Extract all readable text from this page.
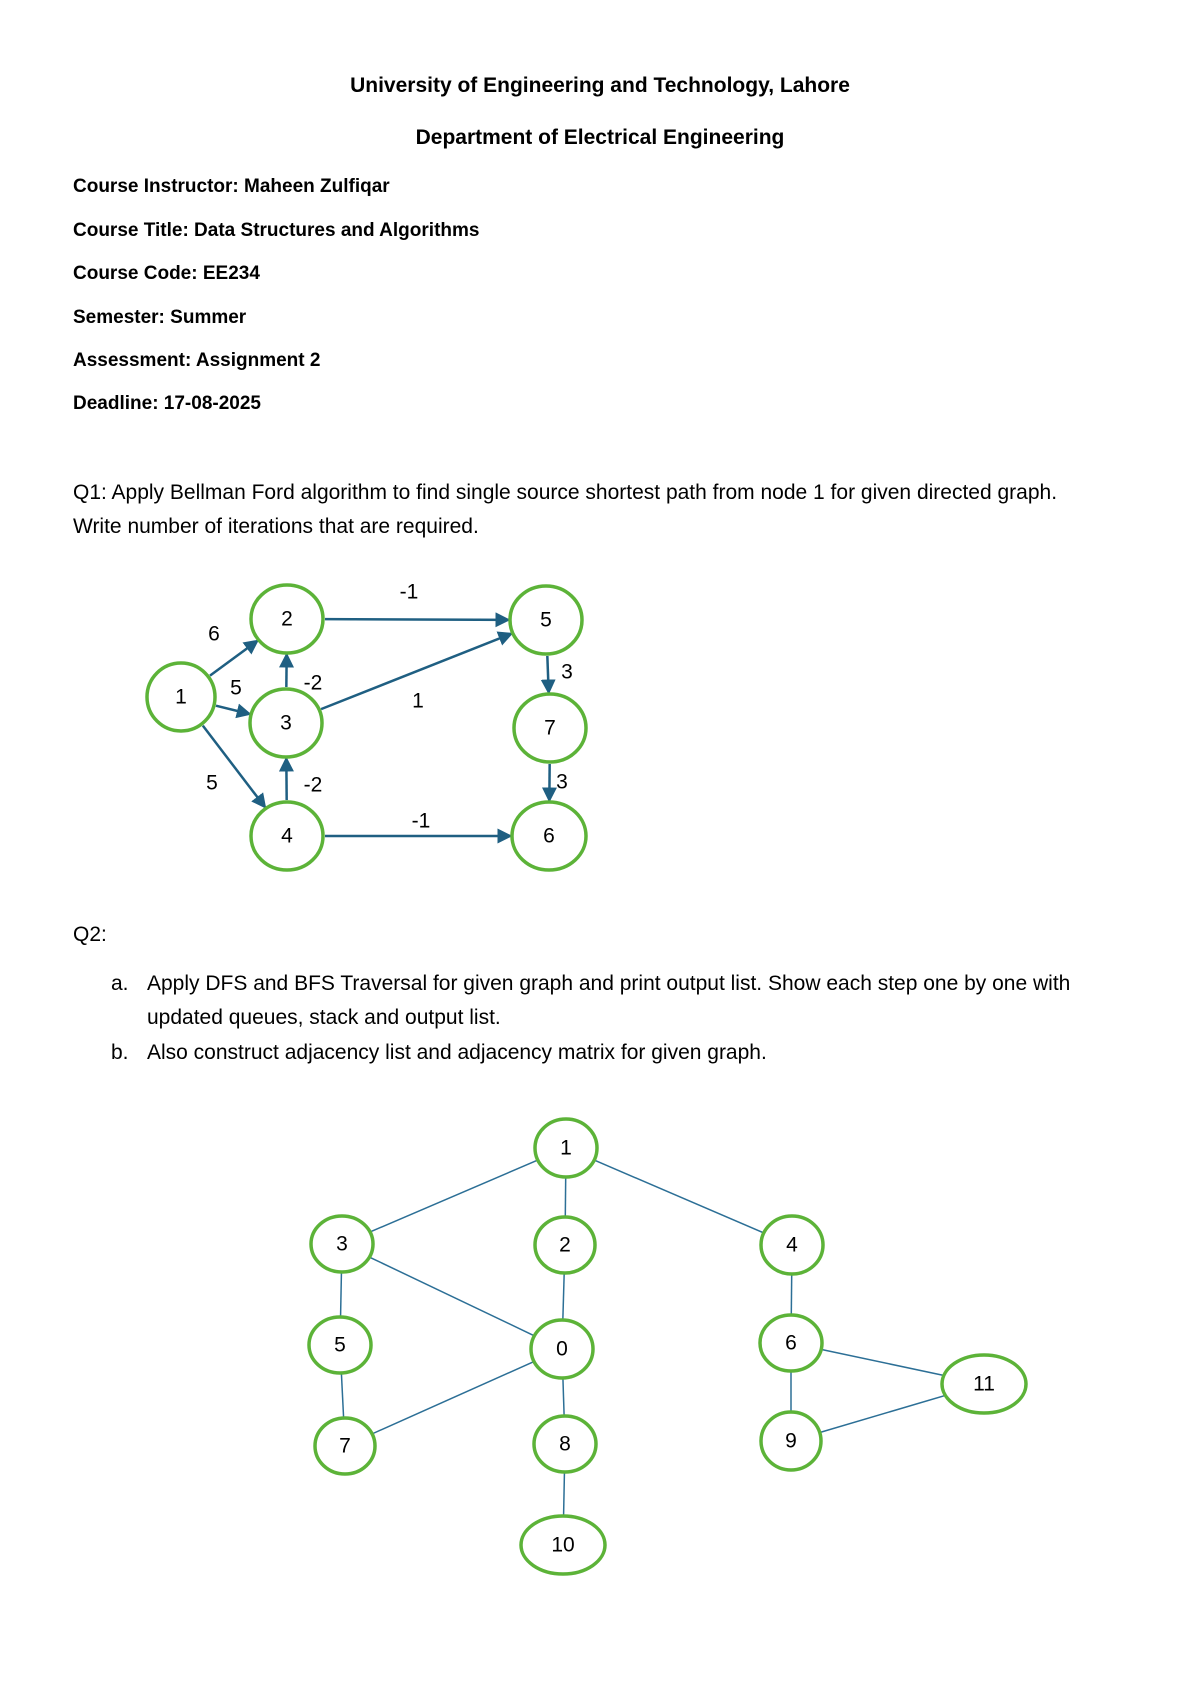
University of Engineering and Technology, Lahore
Department of Electrical Engineering
Course Instructor: Maheen Zulfiqar
Course Title: Data Structures and Algorithms
Course Code: EE234
Semester: Summer
Assessment: Assignment 2
Deadline: 17-08-2025
Q1: Apply Bellman Ford algorithm to find single source shortest path from node 1 for given directed graph.
Write number of iterations that are required.
1
2
3
4
5
6
7
6
5
5
-2
-2
-1
1
-1
3
3
Q2:
a. Apply DFS and BFS Traversal for given graph and print output list. Show each step one by one with updated queues, stack and output list.
b. Also construct adjacency list and adjacency matrix for given graph.
0
1
2
3	4
5	6
7	8	9
10
11
